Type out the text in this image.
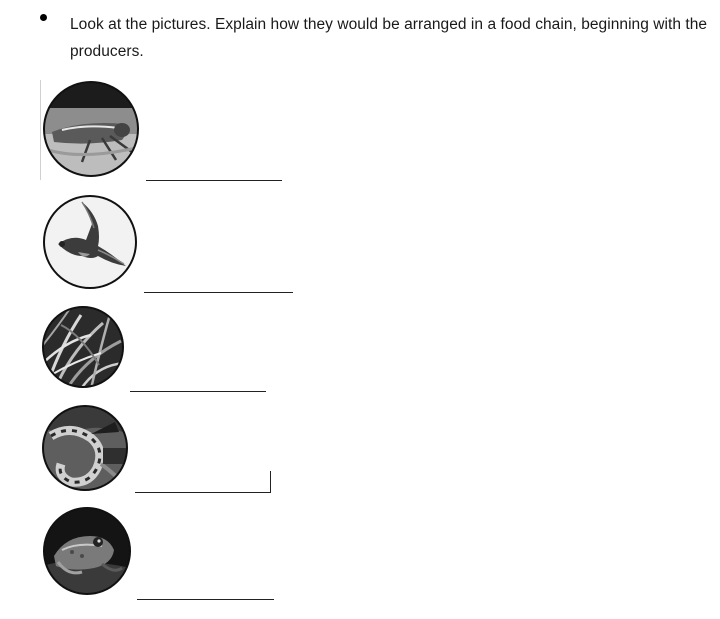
Look at the pictures. Explain how they would be arranged in a food chain, beginning with the producers.
